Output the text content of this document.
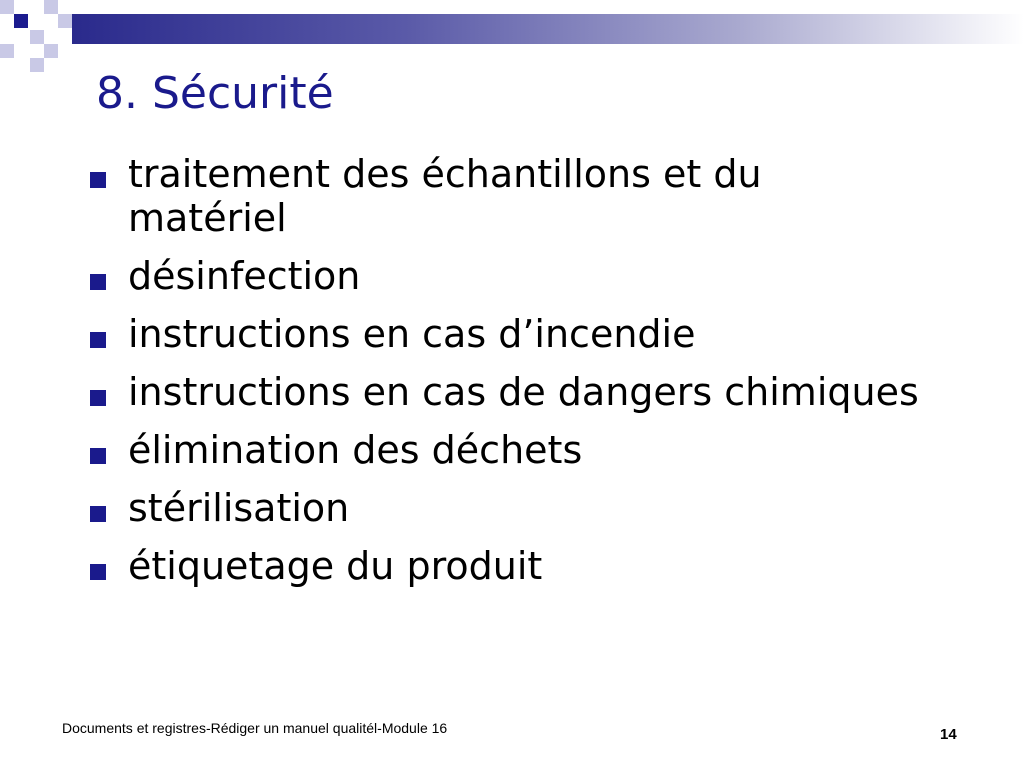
8. Sécurité
traitement des échantillons et du matériel
désinfection
instructions en cas d’incendie
instructions en cas de dangers chimiques
élimination des déchets
stérilisation
étiquetage du produit
Documents et registres-Rédiger un manuel qualitél-Module 16	14
